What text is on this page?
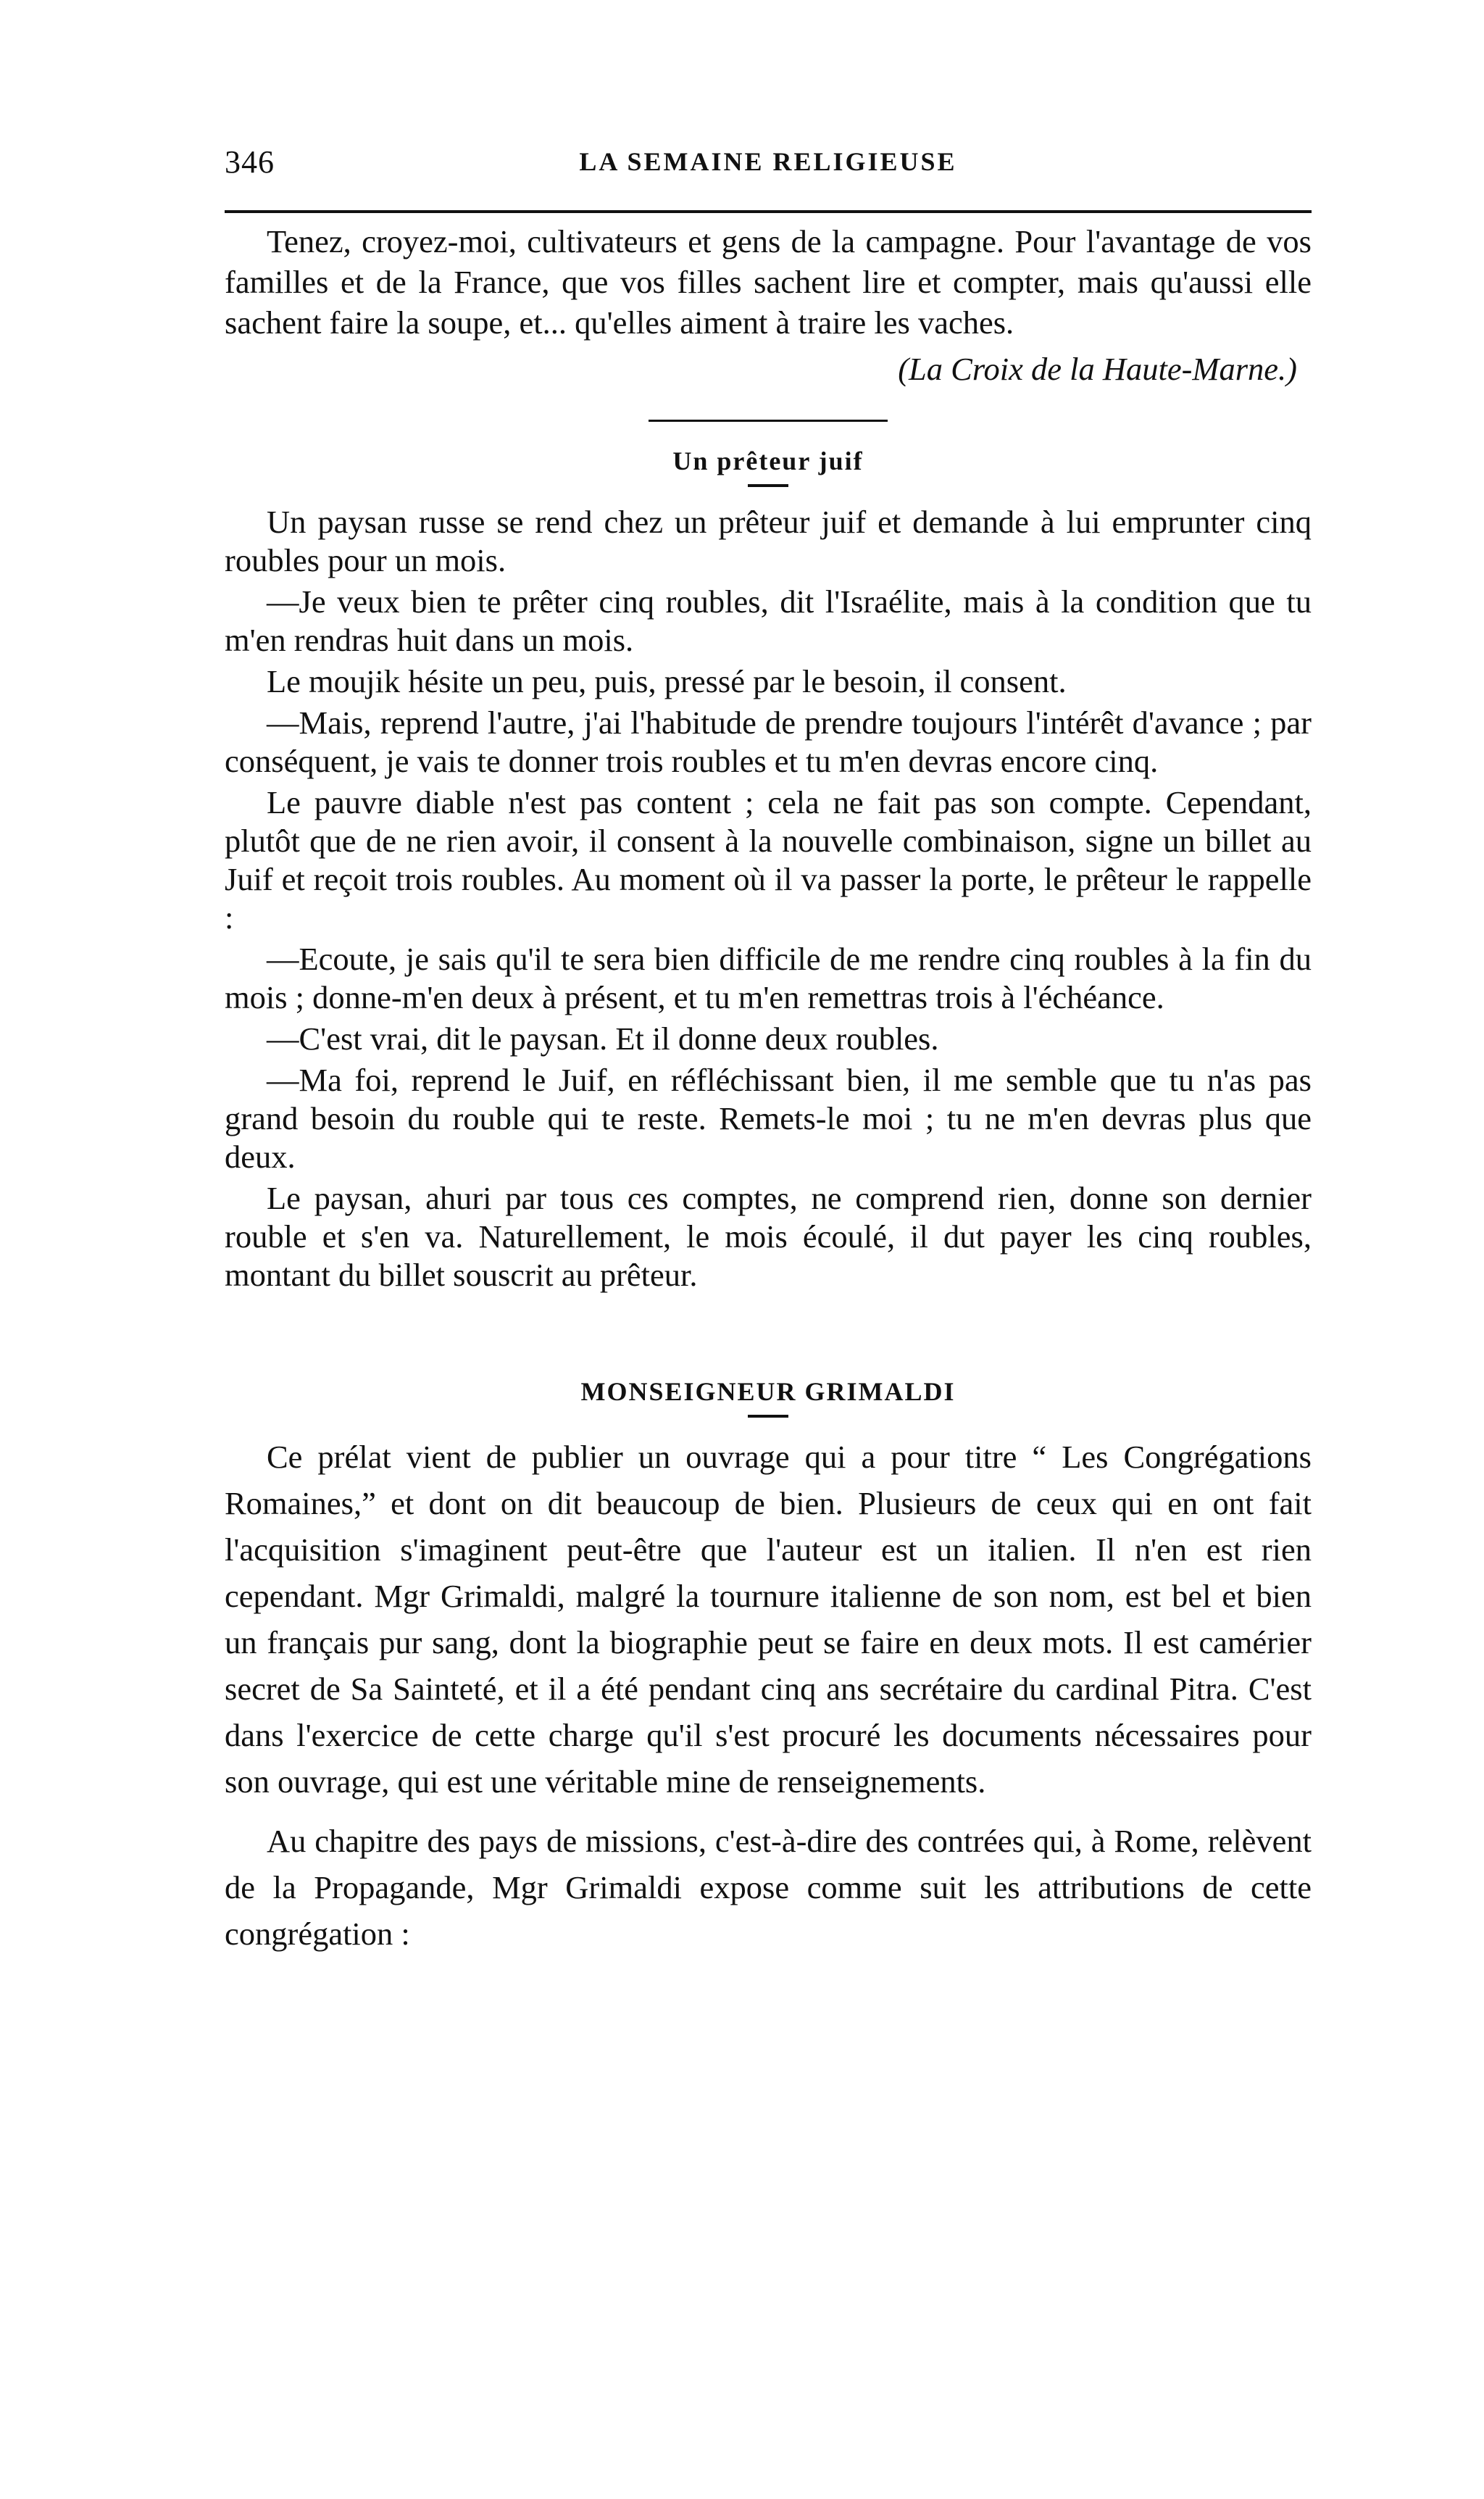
346	LA SEMAINE RELIGIEUSE

Tenez, croyez-moi, cultivateurs et gens de la campagne. Pour l'avantage de vos familles et de la France, que vos filles sachent lire et compter, mais qu'aussi elle sachent faire la soupe, et... qu'elles aiment à traire les vaches.

(La Croix de la Haute-Marne.)
Un prêteur juif

Un paysan russe se rend chez un prêteur juif et demande à lui emprunter cinq roubles pour un mois.

—Je veux bien te prêter cinq roubles, dit l'Israélite, mais à la condition que tu m'en rendras huit dans un mois.

Le moujik hésite un peu, puis, pressé par le besoin, il consent.

—Mais, reprend l'autre, j'ai l'habitude de prendre toujours l'intérêt d'avance ; par conséquent, je vais te donner trois roubles et tu m'en devras encore cinq.

Le pauvre diable n'est pas content ; cela ne fait pas son compte. Cependant, plutôt que de ne rien avoir, il consent à la nouvelle combinaison, signe un billet au Juif et reçoit trois roubles. Au moment où il va passer la porte, le prêteur le rappelle :

—Ecoute, je sais qu'il te sera bien difficile de me rendre cinq roubles à la fin du mois ; donne-m'en deux à présent, et tu m'en remettras trois à l'échéance.

—C'est vrai, dit le paysan. Et il donne deux roubles.

—Ma foi, reprend le Juif, en réfléchissant bien, il me semble que tu n'as pas grand besoin du rouble qui te reste. Remets-le moi ; tu ne m'en devras plus que deux.

Le paysan, ahuri par tous ces comptes, ne comprend rien, donne son dernier rouble et s'en va. Naturellement, le mois écoulé, il dut payer les cinq roubles, montant du billet souscrit au prêteur.

MONSEIGNEUR GRIMALDI

Ce prélat vient de publier un ouvrage qui a pour titre “ Les Congrégations Romaines,” et dont on dit beaucoup de bien. Plusieurs de ceux qui en ont fait l'acquisition s'imaginent peut-être que l'auteur est un italien. Il n'en est rien cependant. Mgr Grimaldi, malgré la tournure italienne de son nom, est bel et bien un français pur sang, dont la biographie peut se faire en deux mots. Il est camérier secret de Sa Sainteté, et il a été pendant cinq ans secrétaire du cardinal Pitra. C'est dans l'exercice de cette charge qu'il s'est procuré les documents nécessaires pour son ouvrage, qui est une véritable mine de renseignements.

Au chapitre des pays de missions, c'est-à-dire des contrées qui, à Rome, relèvent de la Propagande, Mgr Grimaldi expose comme suit les attributions de cette congrégation :
